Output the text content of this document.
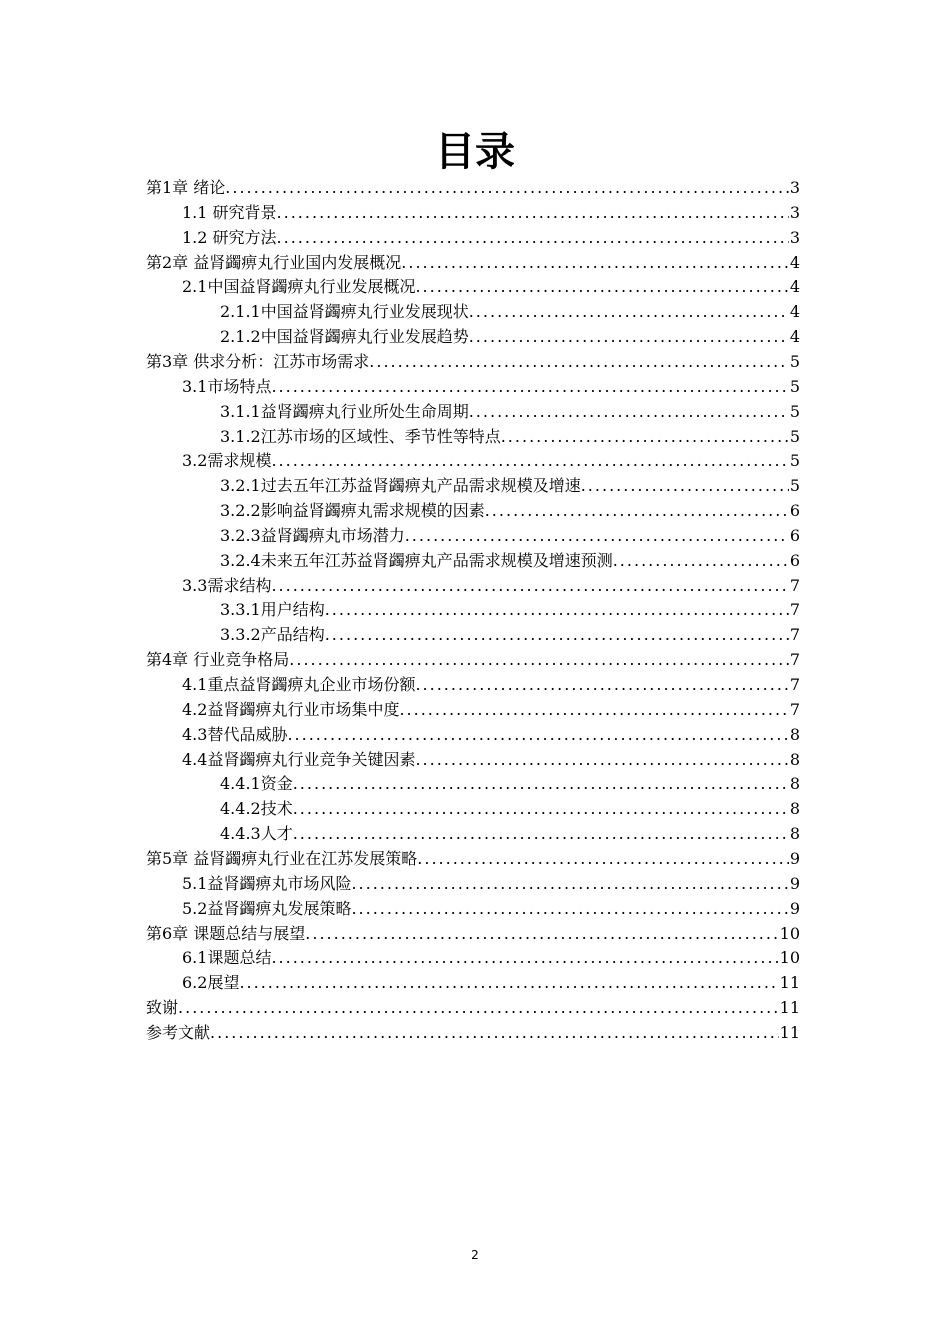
目录
第1章 绪论 .....	3
1.1 研究背景 .....	3
1.2 研究方法 .....	3
第2章 益肾蠲痹丸行业国内发展概况 .....	4
2.1中国益肾蠲痹丸行业发展概况 .....	4
2.1.1中国益肾蠲痹丸行业发展现状 .....	4
2.1.2中国益肾蠲痹丸行业发展趋势 .....	4
第3章 供求分析：江苏市场需求 .....	5
3.1市场特点 .....	5
3.1.1益肾蠲痹丸行业所处生命周期 .....	5
3.1.2江苏市场的区域性、季节性等特点 .....	5
3.2需求规模 .....	5
3.2.1过去五年江苏益肾蠲痹丸产品需求规模及增速 .....	5
3.2.2影响益肾蠲痹丸需求规模的因素 .....	6
3.2.3益肾蠲痹丸市场潜力 .....	6
3.2.4未来五年江苏益肾蠲痹丸产品需求规模及增速预测 .....	6
3.3需求结构 .....	7
3.3.1用户结构 .....	7
3.3.2产品结构 .....	7
第4章 行业竞争格局 .....	7
4.1重点益肾蠲痹丸企业市场份额 .....	7
4.2益肾蠲痹丸行业市场集中度 .....	7
4.3替代品威胁 .....	8
4.4益肾蠲痹丸行业竞争关键因素 .....	8
4.4.1资金 .....	8
4.4.2技术 .....	8
4.4.3人才 .....	8
第5章 益肾蠲痹丸行业在江苏发展策略 .....	9
5.1益肾蠲痹丸市场风险 .....	9
5.2益肾蠲痹丸发展策略 .....	9
第6章 课题总结与展望 .....	10
6.1课题总结 .....	10
6.2展望 .....	11
致谢 .....	11
参考文献 .....	11
2
